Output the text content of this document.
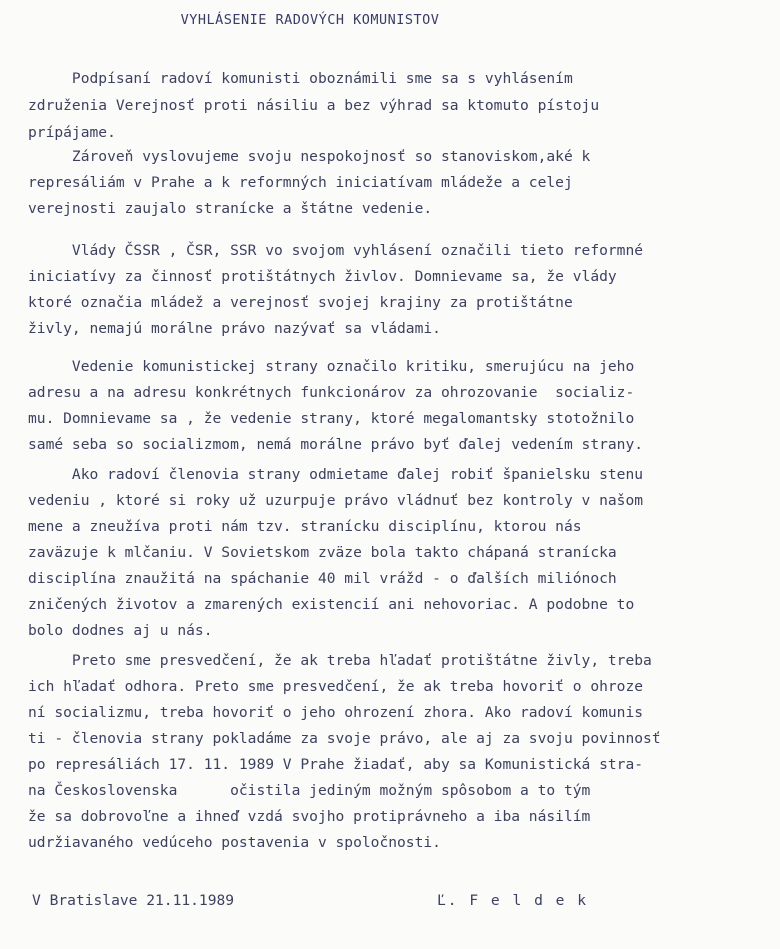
VYHLÁSENIE RADOVÝCH KOMUNISTOV
Podpísaní radoví komunisti oboznámili sme sa s vyhlásením
združenia Verejnosť proti násiliu a bez výhrad sa ktomuto pístoju
prípájame.
Zároveň vyslovujeme svoju nespokojnosť so stanoviskom,aké k
represáliám v Prahe a k reformných iniciatívam mládeže a celej
verejnosti zaujalo stranícke a štátne vedenie.
Vlády ČSSR , ČSR, SSR vo svojom vyhlásení označili tieto reformné
iniciatívy za činnosť protištátnych živlov. Domnievame sa, že vlády
ktoré označia mládež a verejnosť svojej krajiny za protištátne
živly, nemajú morálne právo nazývať sa vládami.
Vedenie komunistickej strany označilo kritiku, smerujúcu na jeho
adresu a na adresu konkrétnych funkcionárov za ohrozovanie  socializ-
mu. Domnievame sa , že vedenie strany, ktoré megalomantsky stotožnilo
samé seba so socializmom, nemá morálne právo byť ďalej vedením strany.
Ako radoví členovia strany odmietame ďalej robiť španielsku stenu
vedeniu , ktoré si roky už uzurpuje právo vládnuť bez kontroly v našom
mene a zneužíva proti nám tzv. stranícku disciplínu, ktorou nás
zaväzuje k mlčaniu. V Sovietskom zväze bola takto chápaná stranícka
disciplína znaužitá na spáchanie 40 mil vrážd - o ďalších miliónoch
zničených životov a zmarených existencií ani nehovoriac. A podobne to
bolo dodnes aj u nás.
Preto sme presvedčení, že ak treba hľadať protištátne živly, treba
ich hľadať odhora. Preto sme presvedčení, že ak treba hovoriť o ohroze
ní socializmu, treba hovoriť o jeho ohrození zhora. Ako radoví komunis
ti - členovia strany pokladáme za svoje právo, ale aj za svoju povinnosť
po represáliách 17. 11. 1989 V Prahe žiadať, aby sa Komunistická stra-
na Československa      očistila jediným možným spôsobom a to tým
že sa dobrovoľne a ihneď vzdá svojho protiprávneho a iba násilím
udržiavaného vedúceho postavenia v spoločnosti.
V Bratislave 21.11.1989	Ľ. F e l d e k
